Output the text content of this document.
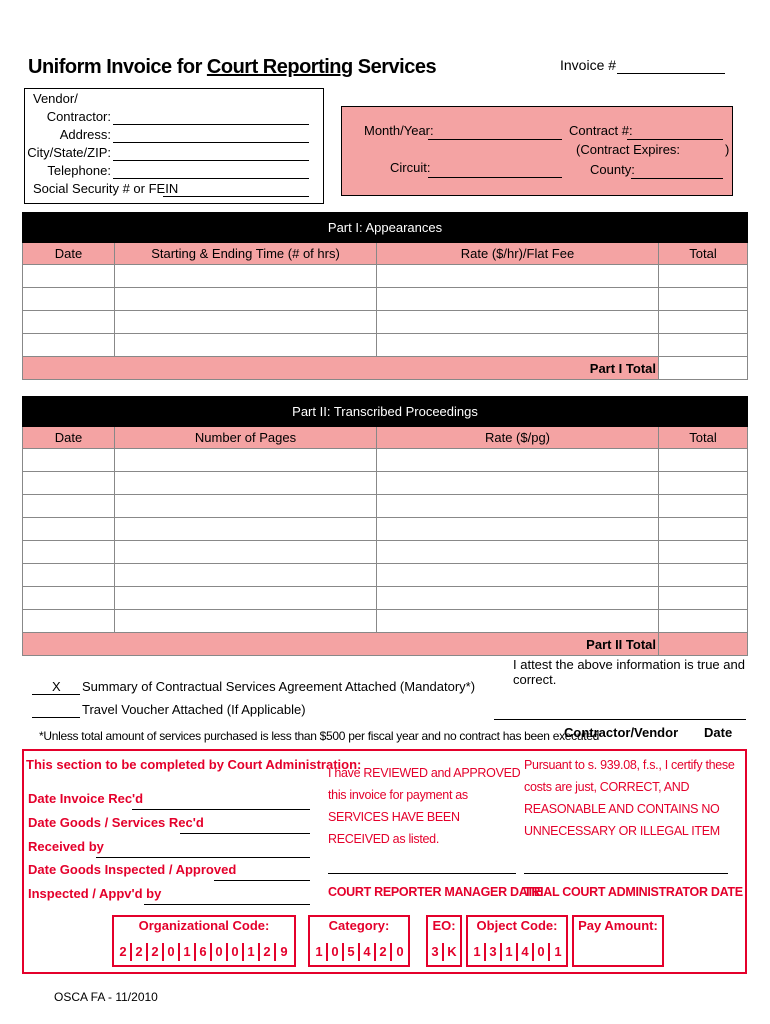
Uniform Invoice for Court Reporting Services	Invoice #
Vendor/
Contractor:
Address:
City/State/ZIP:
Telephone:
Social Security # or FEIN
Month/Year:
Circuit:
Contract #:
(Contract Expires:	)
County:
Part I: Appearances			
Date	Starting & Ending Time (# of hrs)	Rate ($/hr)/Flat Fee	Total

Part I Total			
Part II: Transcribed Proceedings			
Date	Number of Pages	Rate ($/pg)	Total

Part II Total			
I attest the above information is true and correct.
X Summary of Contractual Services Agreement Attached (Mandatory*)
Travel Voucher Attached (If Applicable)
*Unless total amount of services purchased is less than $500 per fiscal year and no contract has been executed
Contractor/Vendor Date
This section to be completed by Court Administration:
Date Invoice Rec'd
Date Goods / Services Rec'd
Received by
Date Goods Inspected / Approved
Inspected / Appv'd by
I have REVIEWED and APPROVED this invoice for payment as SERVICES HAVE BEEN RECEIVED as listed.
Pursuant to s. 939.08, f.s., I certify these costs are just, CORRECT, AND REASONABLE AND CONTAINS NO UNNECESSARY OR ILLEGAL ITEM
COURT REPORTER MANAGER DATE
TRIAL COURT ADMINISTRATOR DATE
Organizational Code:
2 2 2 0 1 6 0 0 1 2 9
Category:
1 0 5 4 2 0
EO:
3 K
Object Code:
1 3 1 4 0 1
Pay Amount:
OSCA FA - 11/2010
